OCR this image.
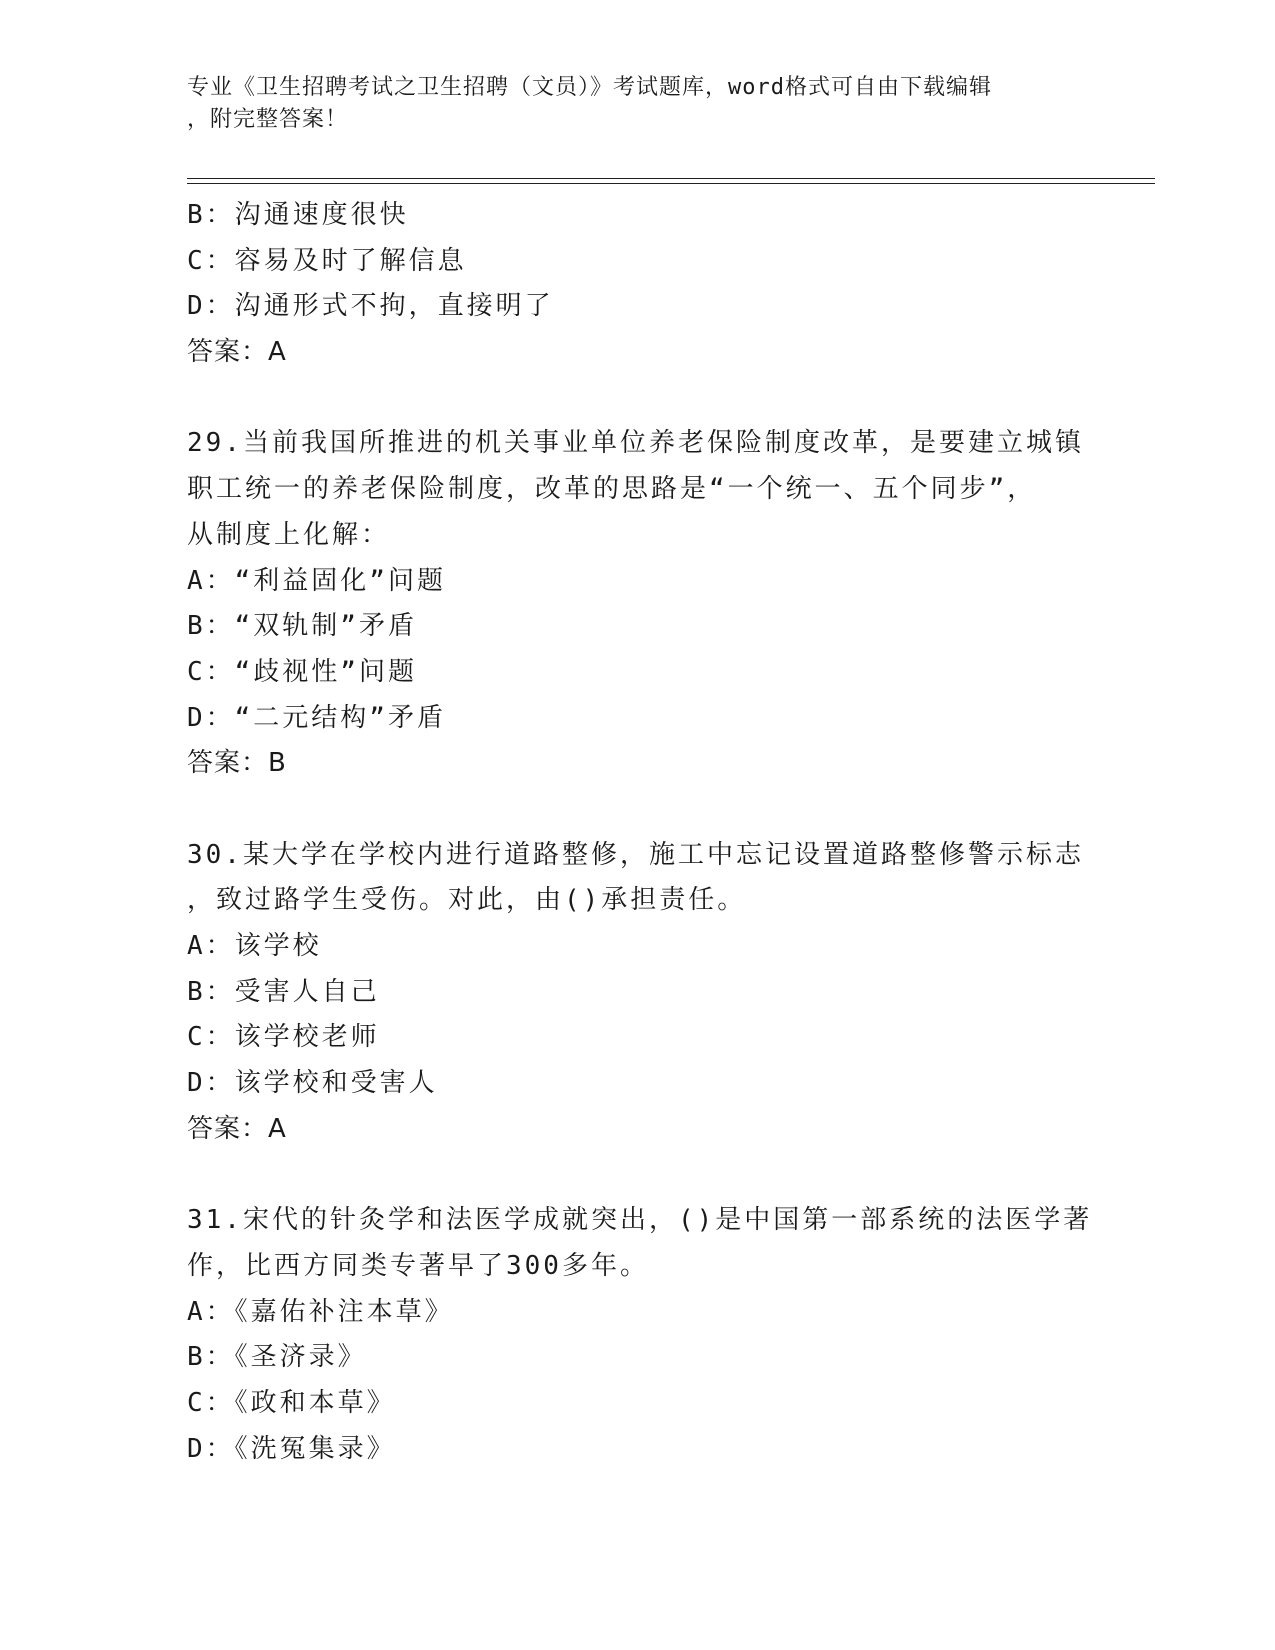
专业《卫生招聘考试之卫生招聘（文员）》考试题库，word格式可自由下载编辑
，附完整答案！
B：沟通速度很快
C：容易及时了解信息
D：沟通形式不拘，直接明了
答案：A
29.当前我国所推进的机关事业单位养老保险制度改革，是要建立城镇
职工统一的养老保险制度，改革的思路是“一个统一、五个同步”，
从制度上化解：
A：“利益固化”问题
B：“双轨制”矛盾
C：“歧视性”问题
D：“二元结构”矛盾
答案：B
30.某大学在学校内进行道路整修，施工中忘记设置道路整修警示标志
，致过路学生受伤。对此，由()承担责任。
A：该学校
B：受害人自己
C：该学校老师
D：该学校和受害人
答案：A
31.宋代的针灸学和法医学成就突出，()是中国第一部系统的法医学著
作，比西方同类专著早了300多年。
A：《嘉佑补注本草》
B：《圣济录》
C：《政和本草》
D：《洗冤集录》
